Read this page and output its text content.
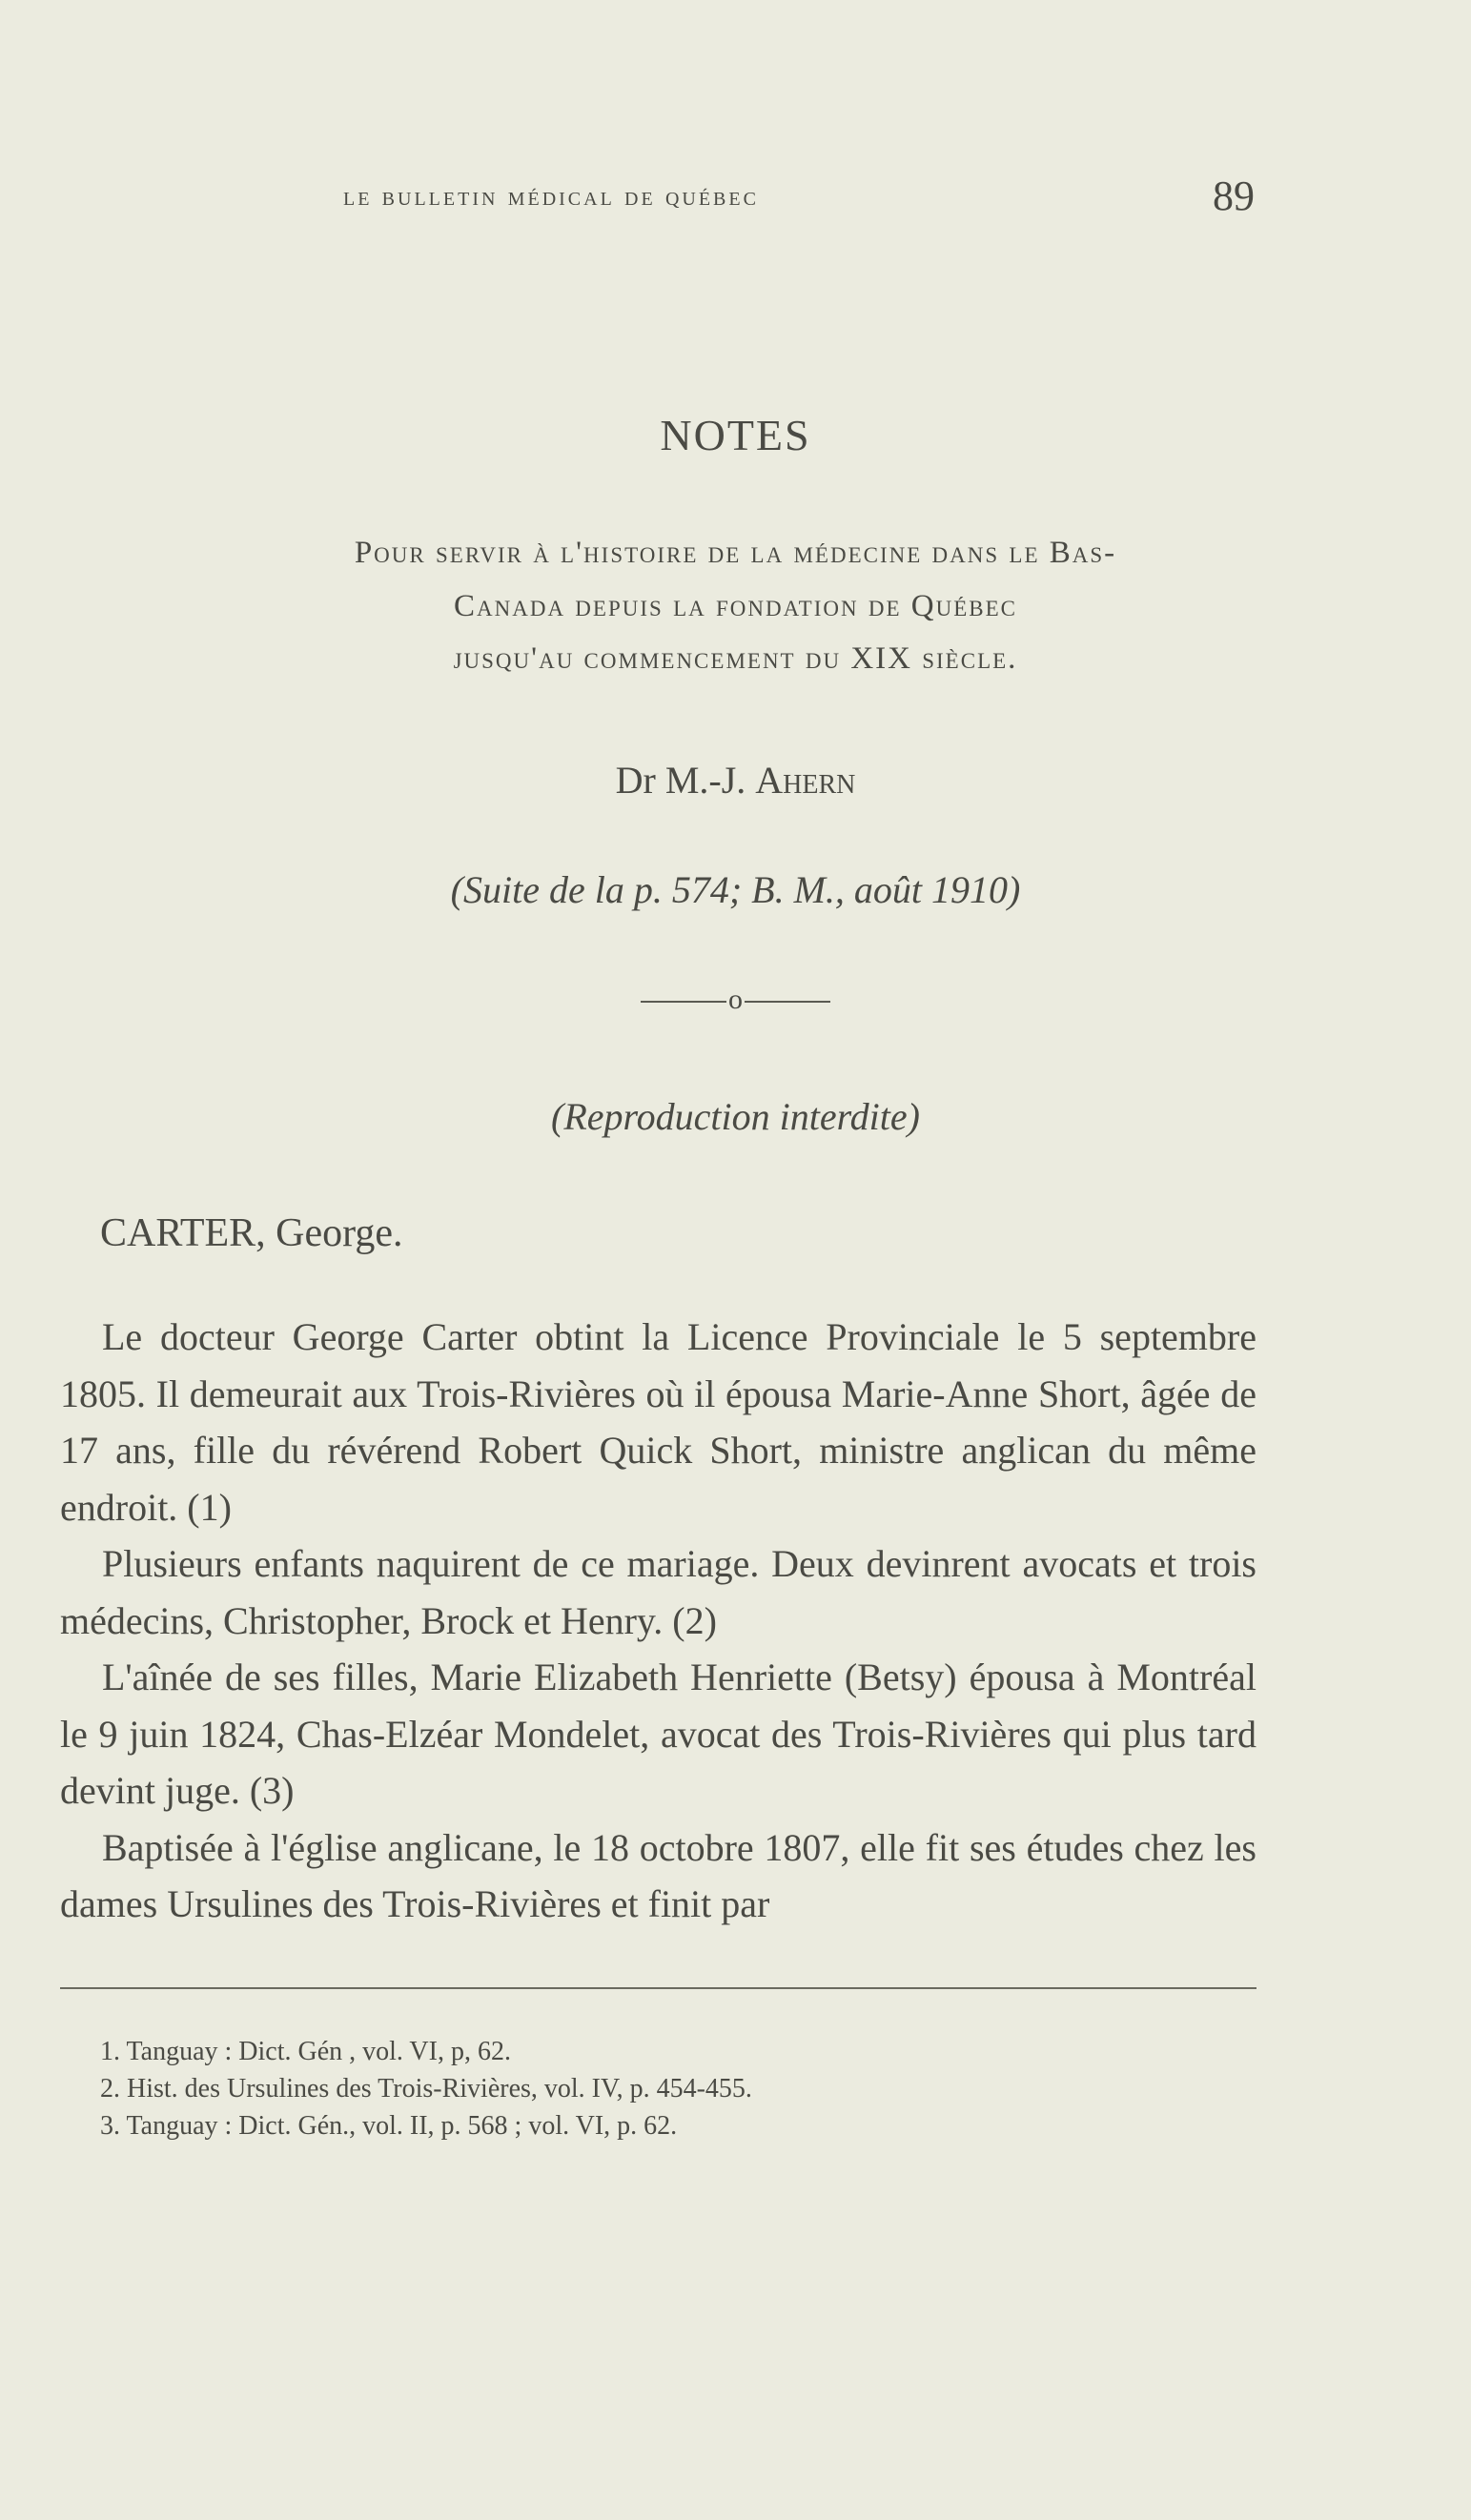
le bulletin médical de québec	89
NOTES
Pour servir à l'histoire de la médecine dans le Bas-
Canada depuis la fondation de Québec
jusqu'au commencement du XIX siècle.
Dr M.-J. Ahern
(Suite de la p. 574; B. M., août 1910)
o
(Reproduction interdite)
CARTER, George.

Le docteur George Carter obtint la Licence Provinciale le 5 septembre 1805. Il demeurait aux Trois-Rivières où il épousa Marie-Anne Short, âgée de 17 ans, fille du révérend Robert Quick Short, ministre anglican du même endroit. (1)

Plusieurs enfants naquirent de ce mariage. Deux devinrent avocats et trois médecins, Christopher, Brock et Henry. (2)

L'aînée de ses filles, Marie Elizabeth Henriette (Betsy) épousa à Montréal le 9 juin 1824, Chas-Elzéar Mondelet, avocat des Trois-Rivières qui plus tard devint juge. (3)

Baptisée à l'église anglicane, le 18 octobre 1807, elle fit ses études chez les dames Ursulines des Trois-Rivières et finit par

1. Tanguay : Dict. Gén , vol. VI, p, 62.
2. Hist. des Ursulines des Trois-Rivières, vol. IV, p. 454-455.
3. Tanguay : Dict. Gén., vol. II, p. 568 ; vol. VI, p. 62.
